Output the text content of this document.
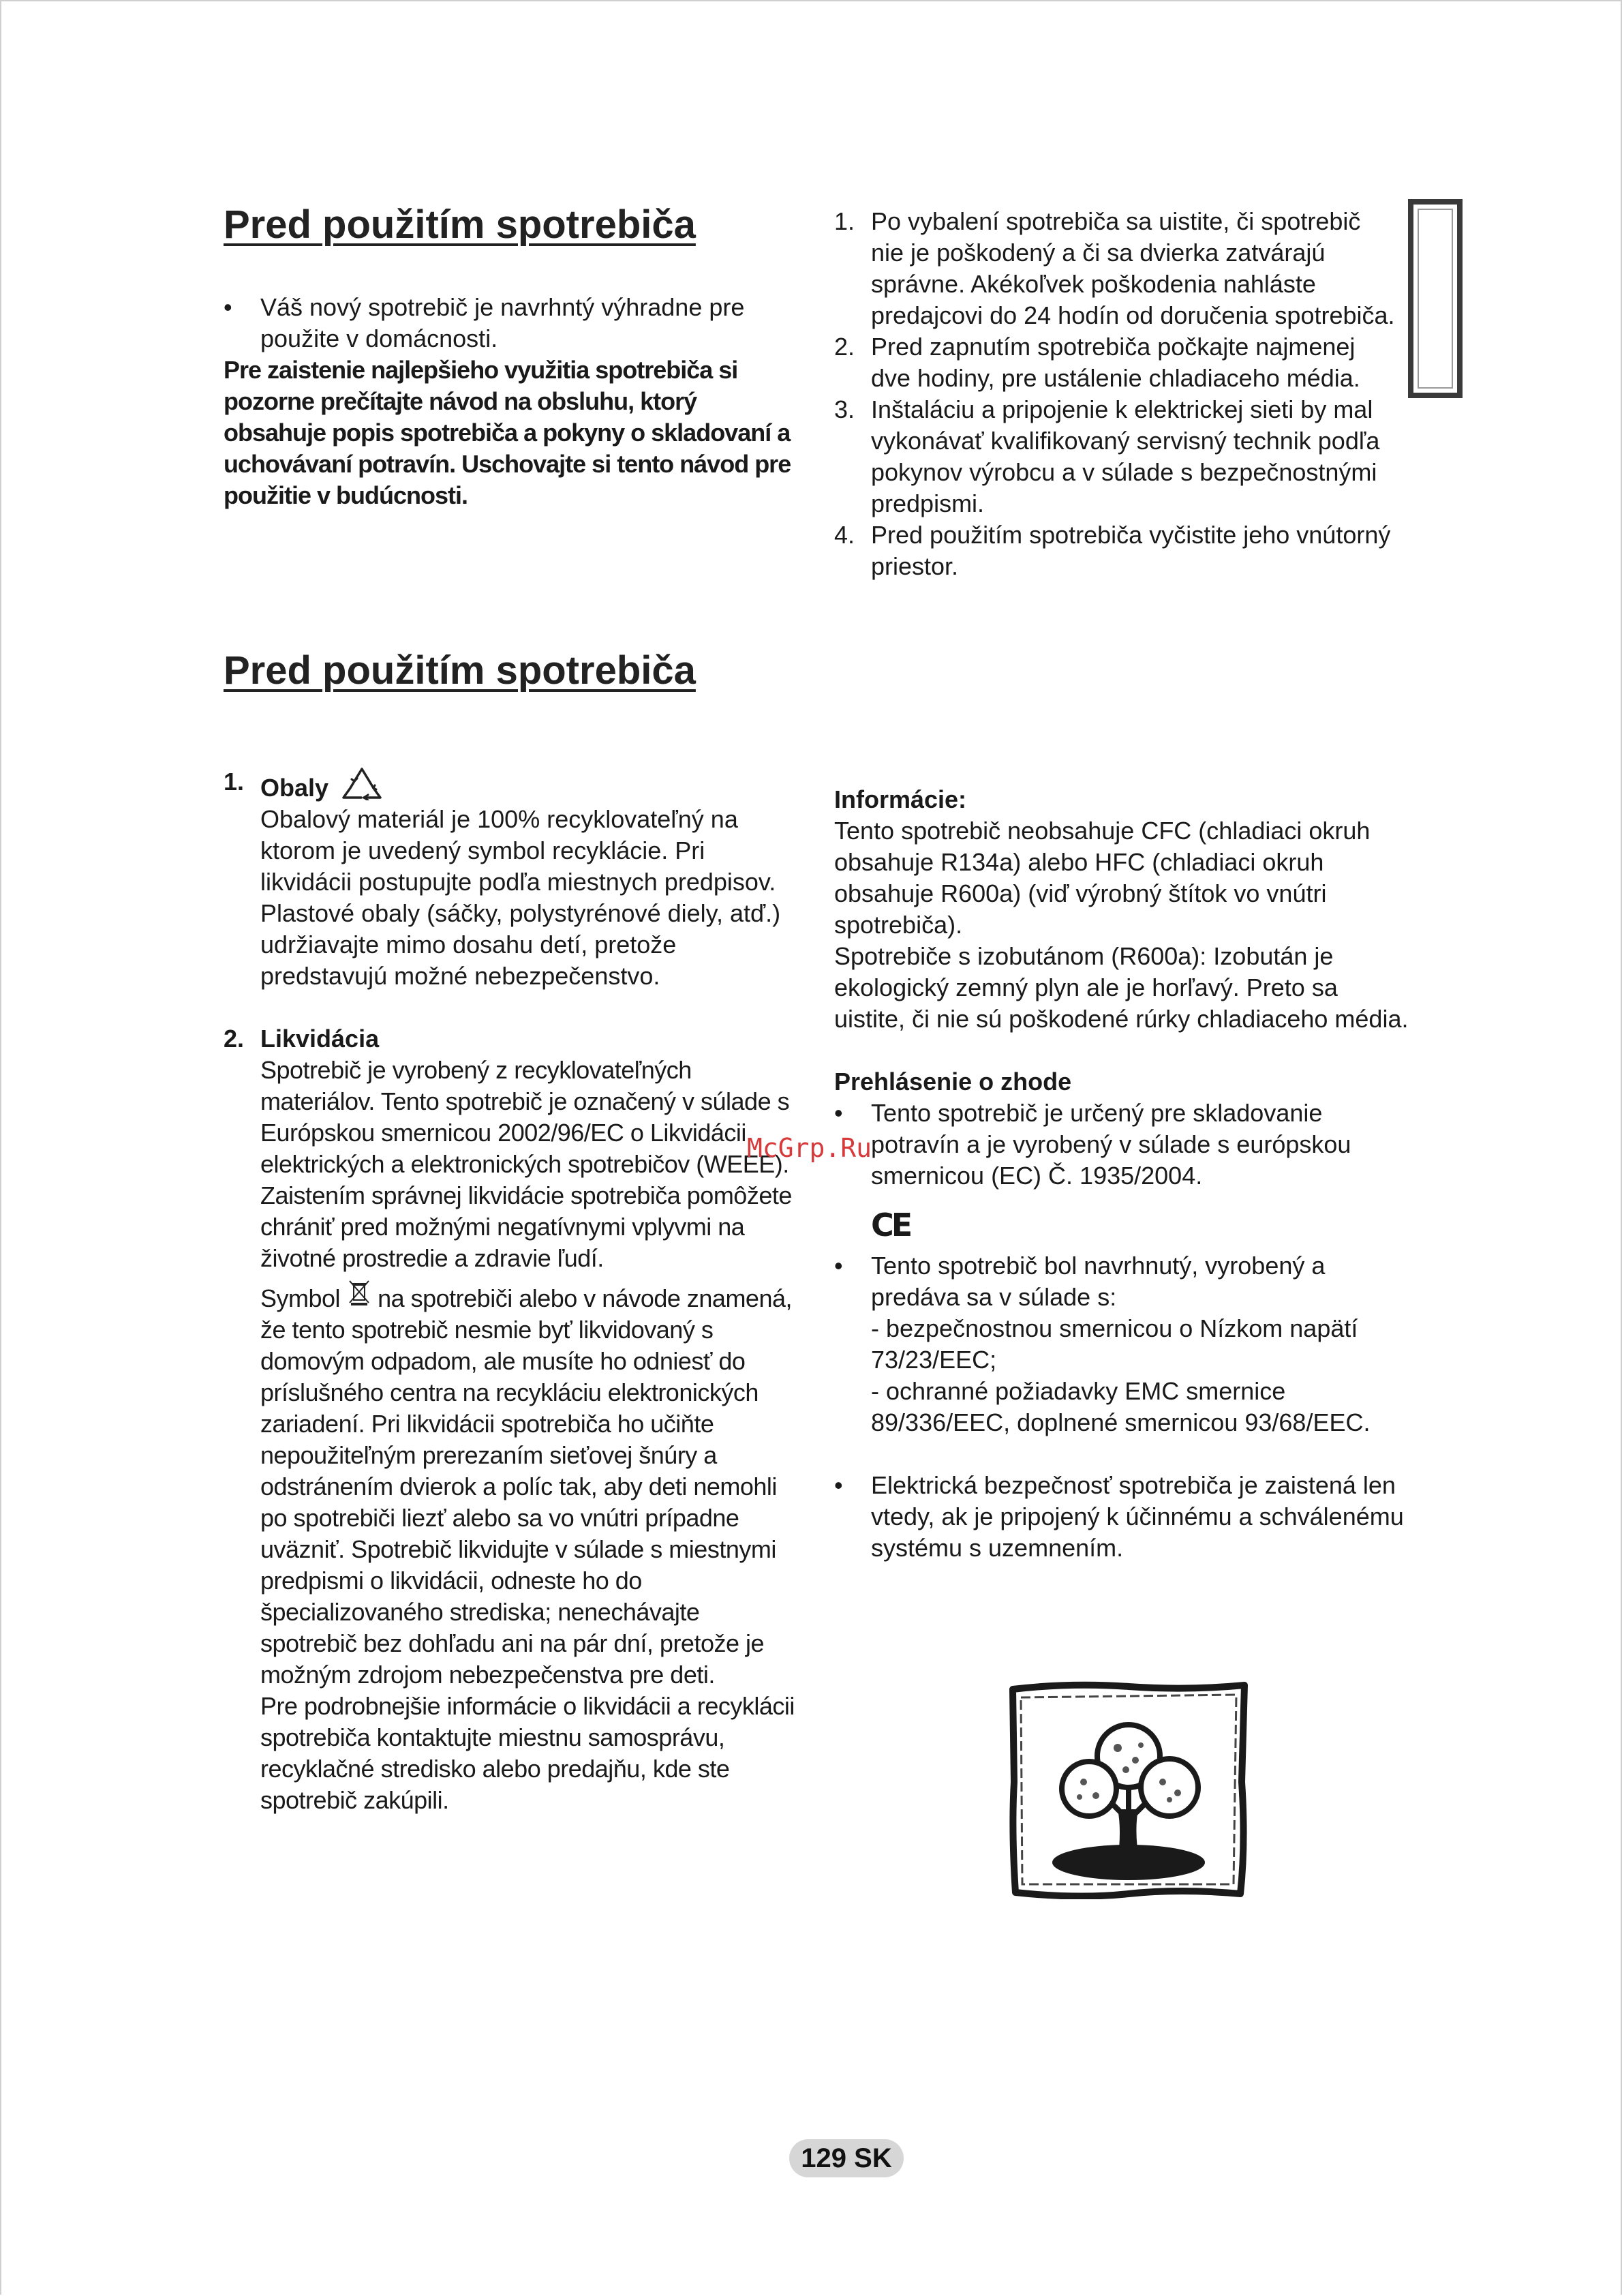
Pred použitím spotrebiča
• Váš nový spotrebič je navrhntý výhradne pre použite v domácnosti.
Pre zaistenie najlepšieho využitia spotrebiča si pozorne prečítajte návod na obsluhu, ktorý obsahuje popis spotrebiča a pokyny o skladovaní a uchovávaní potravín. Uschovajte si tento návod pre použitie v budúcnosti.
1. Po vybalení spotrebiča sa uistite, či spotrebič nie je poškodený a či sa dvierka zatvárajú správne. Akékoľvek poškodenia nahláste predajcovi do 24 hodín od doručenia spotrebiča.
2. Pred zapnutím spotrebiča počkajte najmenej dve hodiny, pre ustálenie chladiaceho média.
3. Inštaláciu a pripojenie k elektrickej sieti by mal vykonávať kvalifikovaný servisný technik podľa pokynov výrobcu a v súlade s bezpečnostnými predpismi.
4. Pred použitím spotrebiča vyčistite jeho vnútorný priestor.
Pred použitím spotrebiča
1. Obaly
Obalový materiál je 100% recyklovateľný na ktorom je uvedený symbol recyklácie. Pri likvidácii postupujte podľa miestnych predpisov. Plastové obaly (sáčky, polystyrénové diely, atď.) udržiavajte mimo dosahu detí, pretože predstavujú možné nebezpečenstvo.
2. Likvidácia
Spotrebič je vyrobený z recyklovateľných materiálov. Tento spotrebič je označený v súlade s Európskou smernicou 2002/96/EC o Likvidácii elektrických a elektronických spotrebičov (WEEE). Zaistením správnej likvidácie spotrebiča pomôžete chrániť pred možnými negatívnymi vplyvmi na životné prostredie a zdravie ľudí.
Symbol na spotrebiči alebo v návode znamená, že tento spotrebič nesmie byť likvidovaný s domovým odpadom, ale musíte ho odniesť do príslušného centra na recykláciu elektronických zariadení. Pri likvidácii spotrebiča ho učiňte nepoužiteľným prerezaním sieťovej šnúry a odstránením dvierok a políc tak, aby deti nemohli po spotrebiči liezť alebo sa vo vnútri prípadne uväzniť. Spotrebič likvidujte v súlade s miestnymi predpismi o likvidácii, odneste ho do špecializovaného strediska; nenechávajte spotrebič bez dohľadu ani na pár dní, pretože je možným zdrojom nebezpečenstva pre deti.
Pre podrobnejšie informácie o likvidácii a recyklácii spotrebiča kontaktujte miestnu samosprávu, recyklačné stredisko alebo predajňu, kde ste spotrebič zakúpili.
Informácie:
Tento spotrebič neobsahuje CFC (chladiaci okruh obsahuje R134a) alebo HFC (chladiaci okruh obsahuje R600a) (viď výrobný štítok vo vnútri spotrebiča).
Spotrebiče s izobutánom (R600a): Izobután je ekologický zemný plyn ale je horľavý. Preto sa uistite, či nie sú poškodené rúrky chladiaceho média.
Prehlásenie o zhode
• Tento spotrebič je určený pre skladovanie potravín a je vyrobený v súlade s európskou smernicou (EC) Č. 1935/2004.
CE
• Tento spotrebič bol navrhnutý, vyrobený a predáva sa v súlade s:
- bezpečnostnou smernicou o Nízkom napätí 73/23/EEC;
- ochranné požiadavky EMC smernice 89/336/EEC, doplnené smernicou 93/68/EEC.
• Elektrická bezpečnosť spotrebiča je zaistená len vtedy, ak je pripojený k účinnému a schválenému systému s uzemnením.
McGrp.Ru
129 SK
